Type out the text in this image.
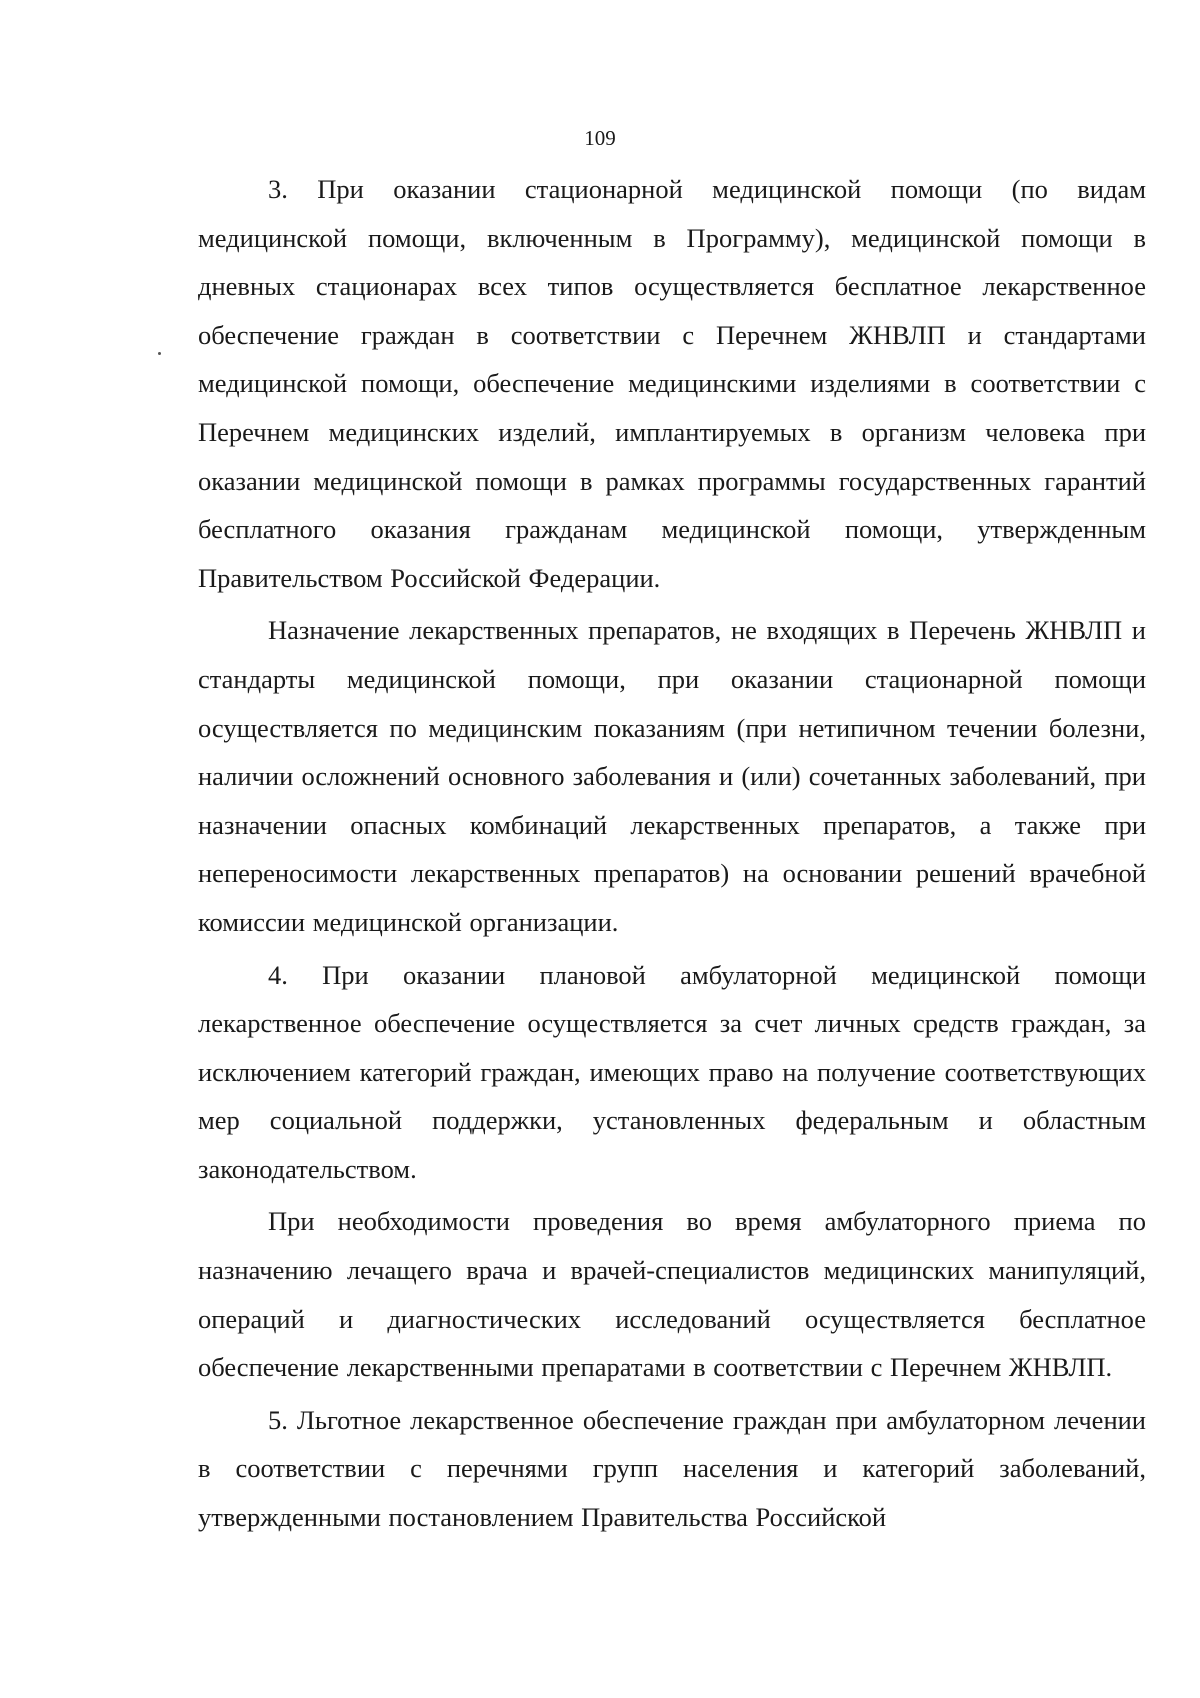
109

3. При оказании стационарной медицинской помощи (по видам медицинской помощи, включенным в Программу), медицинской помощи в дневных стационарах всех типов осуществляется бесплатное лекарственное обеспечение граждан в соответствии с Перечнем ЖНВЛП и стандартами медицинской помощи, обеспечение медицинскими изделиями в соответствии с Перечнем медицинских изделий, имплантируемых в организм человека при оказании медицинской помощи в рамках программы государственных гарантий бесплатного оказания гражданам медицинской помощи, утвержденным Правительством Российской Федерации.

Назначение лекарственных препаратов, не входящих в Перечень ЖНВЛП и стандарты медицинской помощи, при оказании стационарной помощи осуществляется по медицинским показаниям (при нетипичном течении болезни, наличии осложнений основного заболевания и (или) сочетанных заболеваний, при назначении опасных комбинаций лекарственных препаратов, а также при непереносимости лекарственных препаратов) на основании решений врачебной комиссии медицинской организации.

4. При оказании плановой амбулаторной медицинской помощи лекарственное обеспечение осуществляется за счет личных средств граждан, за исключением категорий граждан, имеющих право на получение соответствующих мер социальной поддержки, установленных федеральным и областным законодательством.

При необходимости проведения во время амбулаторного приема по назначению лечащего врача и врачей-специалистов медицинских манипуляций, операций и диагностических исследований осуществляется бесплатное обеспечение лекарственными препаратами в соответствии с Перечнем ЖНВЛП.

5. Льготное лекарственное обеспечение граждан при амбулаторном лечении в соответствии с перечнями групп населения и категорий заболеваний, утвержденными постановлением Правительства Российской
